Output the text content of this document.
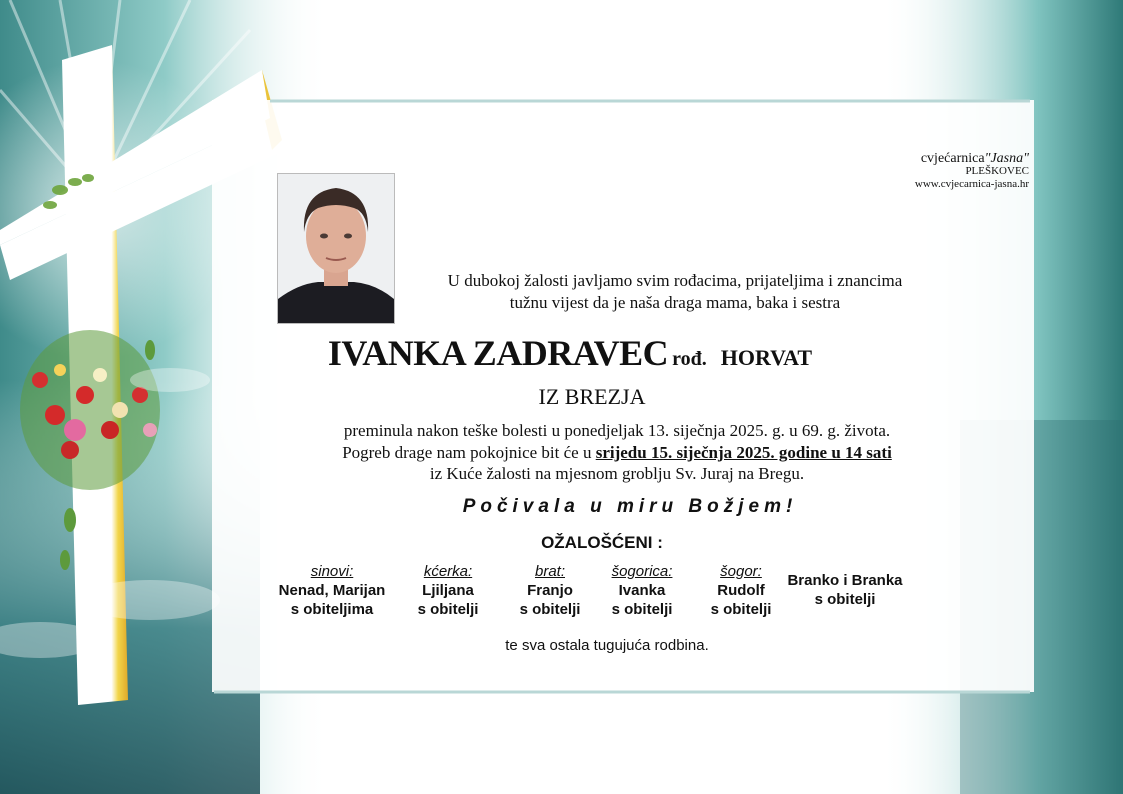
cvjećarnica"Jasna"
PLEŠKOVEC
www.cvjecarnica-jasna.hr
U dubokoj žalosti javljamo svim rođacima, prijateljima i znancima
tužnu vijest da je naša draga mama, baka i sestra
IVANKA ZADRAVEC rođ. HORVAT
IZ BREZJA
preminula nakon teške bolesti u ponedjeljak 13. siječnja 2025. g. u 69. g. života.
Pogreb drage nam pokojnice bit će u srijedu 15. siječnja 2025. godine u 14 sati
iz Kuće žalosti na mjesnom groblju Sv. Juraj na Bregu.
Počivala u miru Božjem!
OŽALOŠĆENI :
sinovi:
Nenad, Marijan
s obiteljima
kćerka:
Ljiljana
s obitelji
brat:
Franjo
s obitelji
šogorica:
Ivanka
s obitelji
šogor:
Rudolf
s obitelji
Branko i Branka
s obitelji
te sva ostala tugujuća rodbina.
